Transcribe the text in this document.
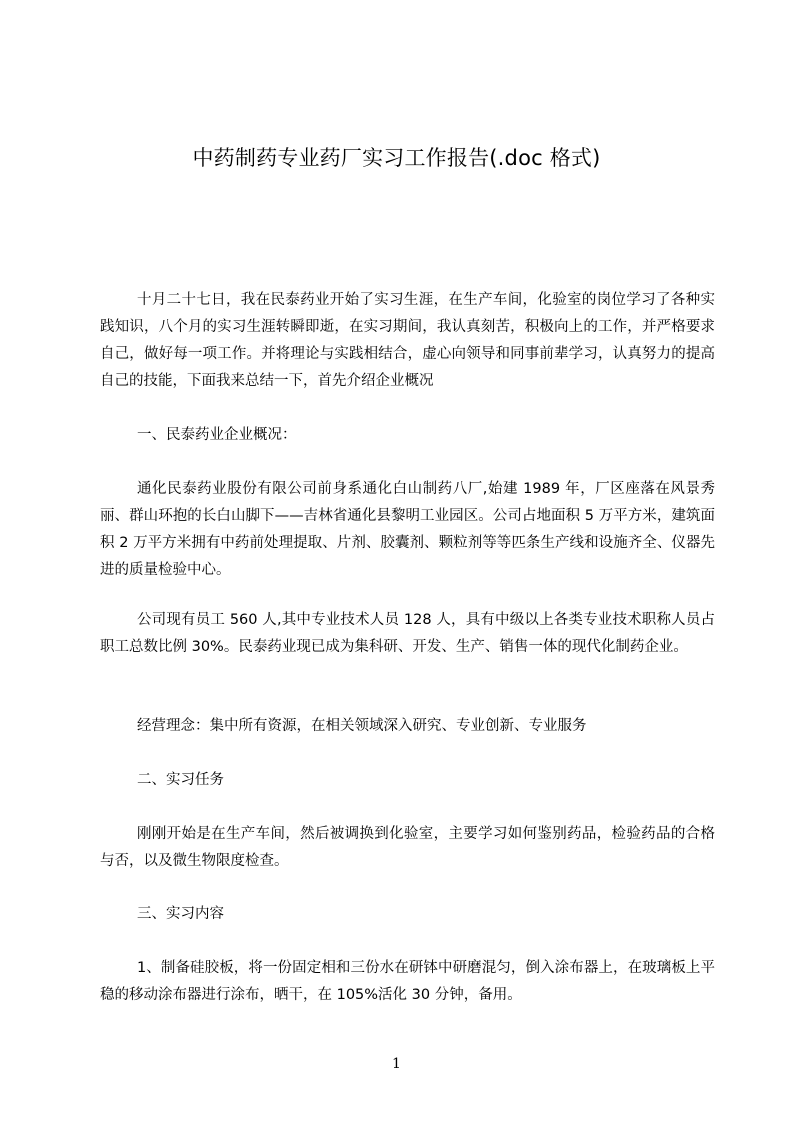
中药制药专业药厂实习工作报告(.doc 格式)
十月二十七日，我在民泰药业开始了实习生涯，在生产车间，化验室的岗位学习了各种实践知识，八个月的实习生涯转瞬即逝，在实习期间，我认真刻苦，积极向上的工作，并严格要求自己，做好每一项工作。并将理论与实践相结合，虚心向领导和同事前辈学习，认真努力的提高自己的技能，下面我来总结一下，首先介绍企业概况
一、民泰药业企业概况：
通化民泰药业股份有限公司前身系通化白山制药八厂,始建 1989 年，厂区座落在风景秀丽、群山环抱的长白山脚下——吉林省通化县黎明工业园区。公司占地面积 5 万平方米，建筑面积 2 万平方米拥有中药前处理提取、片剂、胶囊剂、颗粒剂等等匹条生产线和设施齐全、仪器先进的质量检验中心。
公司现有员工 560 人,其中专业技术人员 128 人，具有中级以上各类专业技术职称人员占职工总数比例 30%。民泰药业现已成为集科研、开发、生产、销售一体的现代化制药企业。
经营理念：集中所有资源，在相关领域深入研究、专业创新、专业服务
二、实习任务
刚刚开始是在生产车间，然后被调换到化验室，主要学习如何鉴别药品，检验药品的合格与否，以及微生物限度检查。
三、实习内容
1、制备硅胶板，将一份固定相和三份水在研钵中研磨混匀，倒入涂布器上，在玻璃板上平稳的移动涂布器进行涂布，晒干，在 105%活化 30 分钟，备用。
1
